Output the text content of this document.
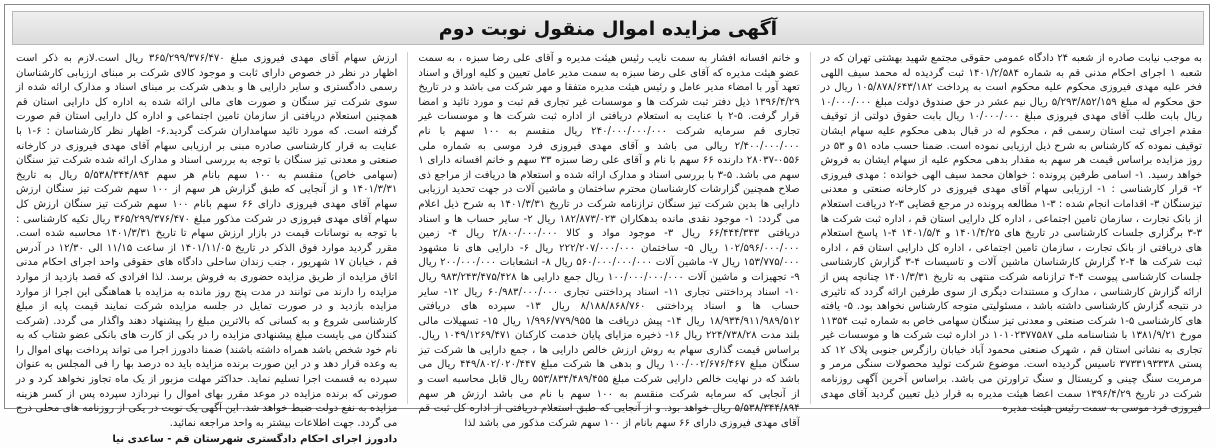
آگهی مزایده اموال منقول نوبت دوم
به موجب نیابت صادره از شعبه ۲۴ دادگاه عمومی حقوقی مجتمع شهید بهشتی تهران که در شعبه ۱ اجرای احکام مدنی قم به شماره ۱۴۰۱/۲/۵۸۴ ثبت گردیده له محمد سیف اللهی فخر علیه مهدی فیروزی محکوم علیه محکوم است به پرداخت ۱۰۵/۸۷۸/۶۴۳/۱۸۲ ریال در حق محکوم له مبلغ ۵/۲۹۳/۸۵۲/۱۵۹ ریال نیم عشر در حق صندوق دولت مبلغ ۱۰/۰۰۰/۰۰۰ ریال بابت طلب آقای مهدی فیروزی مبلغ ۱۰/۰۰۰/۰۰۰ ریال بابت حقوق دولتی از توقیف مقدم اجرای ثبت استان رسمی قم ، محکوم له در قبال بدهی محکوم علیه سهام ایشان توقیف نموده که کارشناس به شرح ذیل ارزیابی نموده است. ضمنا حسب ماده ۵۱ و ۵۳ در روز مزایده براساس قیمت هر سهم به مقدار بدهی محکوم علیه از سهام ایشان به فروش خواهد رسید. ۱- اسامی طرفین پرونده : خواهان محمد سیف الهی خوانده : مهدی فیروزی ۲- قرار کارشناسی : ۱- ارزیابی سهام آقای مهدی فیروزی در کارخانه صنعتی و معدنی تیزسنگان ۳- اقدامات انجام شده : ۳-۱ مطالعه پرونده در مرجع قضایی ۳-۲ دریافت استعلام از بانک تجارت ، سازمان تامین اجتماعی ، اداره کل دارایی استان قم ، اداره ثبت شرکت ها ۳-۳ برگزاری جلسات کارشناسی در تاریخ های ۱۴۰۱/۴/۲۵ و ۱۴۰۱/۵/۴ ۴-۱ پاسخ استعلام های دریافتی از بانک تجارت ، سازمان تامین اجتماعی ، اداره کل دارایی استان قم ، اداره ثبت شرکت ها ۴-۲ گزارش کارشناسان ماشین آلات و تاسیسات ۴-۳ گزارش کارشناسی جلسات کارشناسی پیوست ۴-۴ ترازنامه شرکت منتهی به تاریخ ۱۴۰۱/۳/۳۱ چنانچه پس از ارائه گزارش کارشناسی ، مدارک و مستندات دیگری از سوی طرفین ارائه گردد که تاثیری در نتیجه گزارش کارشناسی داشته باشد ، مسئولیتی متوجه کارشناس نخواهد بود. ۵- یافته های کارشناسی ۵-۱ شرکت صنعتی و معدنی تیز سنگان سهامی خاص به شماره ثبت ۱۱۳۵۴ مورخ ۱۳۸۱/۹/۲۱ با شناسنامه ملی ۱۰۱۰۲۳۷۷۵۸۷ در اداره ثبت شرکت ها و موسسات غیر تجاری به نشانی استان قم ، شهرک صنعتی محمود آباد خیابان رازگرس جنوبی پلاک ۱۲ کد پستی ۳۷۳۳۱۹۳۳۳۸ تاسیس گردیده است. موضوع شرکت تولید محصولات سنگی مرمر و مرمریت سنگ چینی و کریستال و سنگ تراورتن می باشد. براساس آخرین آگهی روزنامه شرکت در تاریخ ۱۳۹۶/۴/۲۹ سمت اعضا هیئت مدیره به قرار ذیل تعیین گردید آقای مهدی فیروزی فرد موسی به سمت رئیس هیئت مدیره
و خانم افسانه افشار به سمت نایب رئیس هیئت مدیره و آقای علی رضا سبزه ، به سمت عضو هیئت مدیره که آقای علی رضا سبزه به سمت مدیر عامل تعیین و کلیه اوراق و اسناد تعهد آور با امضاء مدیر عامل و رئیس هیئت مدیره متفقا و مهر شرکت می باشد و در تاریخ ۱۳۹۶/۴/۲۹ ذیل دفتر ثبت شرکت ها و موسسات غیر تجاری قم ثبت و مورد تائید و امضا قرار گرفت. ۵-۲ با عنایت به استعلام دریافتی از اداره ثبت شرکت ها و موسسات غیر تجاری قم سرمایه شرکت ۲۴۰/۰۰۰/۰۰۰/۰۰۰ ریال منقسم به ۱۰۰ سهم با نام ۲/۴۰۰/۰۰۰/۰۰۰ ریالی می باشد و آقای مهدی فیروزی فرد موسی به شماره ملی ۰۵۵۶-۲۸۰۳۷ دارنده ۶۶ سهم با نام و آقای علی رضا سبزه ۳۳ سهم و خانم افسانه دارای ۱ سهم می باشد. ۵-۳ با بررسی اسناد و مدارک ارائه شده و استعلام ها دریافت از مراجع ذی صلاح همچنین گزارشات کارشناسان محترم ساختمان و ماشین آلات در جهت تحدید ارزیابی دارایی ها بدین شرکت تیز سنگان ترازنامه شرکت در تاریخ ۱۴۰۱/۳/۳۱ به شرح ذیل اعلام می گردد: ۱- موجود نقدی مانده بدهکاران ۱۸۲/۸۷۳/۰۲۳ ریال ۲- سایر حساب ها و اسناد دریافتی ۶۶/۴۴۴/۳۴۳ ریال ۳- موجود مواد و کالا ۲/۸۰۰/۰۰۰/۰۰۰ ریال ۴- زمین ۱۰۲/۵۹۶/۰۰۰/۰۰۰ ریال ۵- ساختمان ۲۲۲/۲۰۷/۰۰۰/۰۰۰ ریال ۶- دارایی های نا مشهود ۱۵۳/۷۷۵/۰۰۰ ریال ۷- ماشین آلات ۵۶۰/۰۰۰/۰۰۰/۰۰۰ ریال ۸- انشعابات ۲۰۰/۰۰۰/۰۰۰ ریال ۹- تجهیزات و ماشین آلات ۱۰۰/۰۰۰/۰۰۰/۰۰۰ ریال جمع دارایی ها ۹۸۳/۲۴۳/۴۷۵/۴۲۸ ریال ۱۰- اسناد پرداختنی تجاری ۱۱- اسناد پرداختنی تجاری ۶۰/۹۸۳/۰۰۰/۰۰۰ ریال ۱۲- سایر حساب ها و اسناد پرداختنی ۸/۱۸۸/۸۶۸/۷۶۰ ریال ۱۳- سپرده های دریافتی ۱۸/۹۳۴/۹۱۱/۹۸۹/۵۱۲ ریال ۱۴- پیش دریافت ها ۱/۹۹۶/۷۷۹/۹۵۵ ریال ۱۵- تسهیلات مالی بلند مدت ۲۲۴/۷۳۸/۲۸ ریال ۱۶- ذخیره مزایای پایان خدمت کارکنان ۱۰۴۹/۱۲۶۹/۴۷۱ ریال. براساس قیمت گذاری سهام به روش ارزش خالص دارایی ها ، جمع دارایی ها شرکت تیز سنگان مبلغ ۱۰۰/۰۰۲/۶۷۶/۴۶۷ ریال و بدهی ها شرکت مبلغ ۴۴۹/۸۰۲/۰۲۰/۴۴۷ ریال می باشد که در نهایت خالص دارایی شرکت مبلغ ۵۵۳/۸۳۴/۴۸۹/۴۵۵ ریال قابل محاسبه است و از آنجایی که سرمایه شرکت منقسم به ۱۰۰ سهم با نام می باشد ارزش هر سهم ۵/۵۳۸/۳۴۴/۸۹۴ ریال خواهد بود. و از آنجایی که طبق استعلام دریافتی از اداره کل ثبت قم آقای مهدی فیروزی دارای ۶۶ سهم بانام از ۱۰۰ سهم شرکت مذکور می باشد لذا
ارزش سهام آقای مهدی فیروزی مبلغ ۳۶۵/۲۹۹/۳۷۶/۴۷۰ ریال است.لازم به ذکر است اظهار در نظر در خصوص دارای ثابت و موجود کالای شرکت بر مبنای ارزیابی کارشناسان رسمی دادگستری و سایر دارایی ها و بدهی شرکت بر مبنای اسناد و مدارک ارائه شده از سوی شرکت تیز سنگان و صورت های مالی ارائه شده به اداره کل دارایی استان قم همچنین استعلام دریافتی از سازمان تامین اجتماعی و اداره کل دارایی استان قم صورت گرفته است. که مورد تائید سهامداران شرکت گردید.۶- اظهار نظر کارشناسان : ۶-۱ با عنایت به قرار کارشناسی صادره مبنی بر ارزیابی سهام آقای مهدی فیروزی در کارخانه صنعتی و معدنی تیز سنگان با توجه به بررسی اسناد و مدارک ارائه شده شرکت تیز سنگان (سهامی خاص) منقسم به ۱۰۰ سهم بانام هر سهم ۵/۵۳۸/۳۴۴/۸۹۴ ریال به تاریخ ۱۴۰۱/۳/۳۱ و از آنجایی که طبق گزارش هر سهم از ۱۰۰ سهم شرکت تیز سنگان ارزش سهام آقای مهدی فیروزی دارای ۶۶ سهم بانام ۱۰۰ سهم شرکت تیز سنگان ارزش کل سهام آقای مهدی فیروزی در شرکت مذکور مبلغ ۳۶۵/۲۹۹/۳۷۶/۴۷۰ ریال تکیه کارشناسی : با توجه به نوسانات قیمت در بازار ارزش سهام تا تاریخ ۱۴۰۱/۳/۳۱ محاسبه شده است. مقرر گردید موارد فوق الذکر در تاریخ ۱۴۰۱/۱۱/۰۵ از ساعت ۱۱/۱۵ الی ۱۲/۳۰ در آدرس قم ، خیابان ۱۷ شهریور ، جنب زندان ساحلی دادگاه های حقوقی واحد اجرای احکام مدنی اتاق مزایده از طریق مزایده حضوری به فروش برسد. لذا افرادی که قصد بازدید از موارد مزایده را دارند می توانند در مدت پنج روز مانده به مزایده با هماهنگی این اجرا از موارد مزایده بازدید و در صورت تمایل در جلسه مزایده شرکت نمایند قیمت پایه از مبلغ کارشناسی شروع و به کسانی که بالاترین مبلغ را پیشنهاد دهند واگذار می گردد. (شرکت کنندگان می بایست مبلغ پیشنهادی مزایده را در یکی از کارت های بانکی عضو شتاب که به نام خود شخص باشد همراه داشته باشند) ضمنا دادورز اجرا می تواند پرداخت بهای اموال را به وعده قرار دهد و در این صورت برنده مزایده باید ده درصد بها را فی المجلس به عنوان سپرده به قسمت اجرا تسلیم نماید. حداکثر مهلت مزبور از یک ماه تجاوز نخواهد کرد و در صورتی که برنده مزایده در موعد مقرر بهای اموال را نپردازد سپرده پس از کسر هزینه مزایده به نفع دولت ضبط خواهد شد. این آگهی یک نوبت در یکی از روزنامه های محلی درج می گردد. جهت اطلاعات بیشتر به واحد مراجعه نمائید.
دادورز اجرای احکام دادگستری شهرستان قم - ساعدی نیا
